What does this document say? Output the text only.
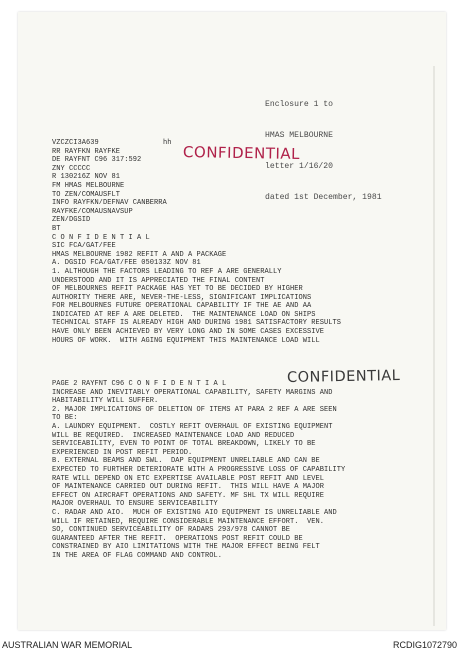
Enclosure 1 to

HMAS MELBOURNE

letter 1/16/20

dated 1st December, 1981

hh CONFIDENTIAL
VZCZCI3A639
RR RAYFKN RAYFKE
DE RAYFNT C96 317:592
ZNY CCCCC
R 130216Z NOV 81
FM HMAS MELBOURNE
TO ZEN/COMAUSFLT
INFO RAYFKN/DEFNAV CANBERRA
RAYFKE/COMAUSNAVSUP
ZEN/DGSID
BT
C O N F I D E N T I A L
SIC FCA/GAT/FEE
HMAS MELBOURNE 1982 REFIT A AND A PACKAGE
A. DGSID FCA/GAT/FEE 050133Z NOV 81
1. ALTHOUGH THE FACTORS LEADING TO REF A ARE GENERALLY
UNDERSTOOD AND IT IS APPRECIATED THE FINAL CONTENT
OF MELBOURNES REFIT PACKAGE HAS YET TO BE DECIDED BY HIGHER
AUTHORITY THERE ARE, NEVER-THE-LESS, SIGNIFICANT IMPLICATIONS
FOR MELBOURNES FUTURE OPERATIONAL CAPABILITY IF THE AE AND AA
INDICATED AT REF A ARE DELETED.  THE MAINTENANCE LOAD ON SHIPS
TECHNICAL STAFF IS ALREADY HIGH AND DURING 1981 SATISFACTORY RESULTS
HAVE ONLY BEEN ACHIEVED BY VERY LONG AND IN SOME CASES EXCESSIVE
HOURS OF WORK.  WITH AGING EQUIPMENT THIS MAINTENANCE LOAD WILL
CONFIDENTIAL
PAGE 2 RAYFNT C96 C O N F I D E N T I A L
INCREASE AND INEVITABLY OPERATIONAL CAPABILITY, SAFETY MARGINS AND
HABITABILITY WILL SUFFER.
2. MAJOR IMPLICATIONS OF DELETION OF ITEMS AT PARA 2 REF A ARE SEEN
TO BE:
A. LAUNDRY EQUIPMENT.  COSTLY REFIT OVERHAUL OF EXISTING EQUIPMENT
WILL BE REQUIRED.  INCREASED MAINTENANCE LOAD AND REDUCED
SERVICEABILITY, EVEN TO POINT OF TOTAL BREAKDOWN, LIKELY TO BE
EXPERIENCED IN POST REFIT PERIOD.
B. EXTERNAL BEAMS AND SWL.  DAP EQUIPMENT UNRELIABLE AND CAN BE
EXPECTED TO FURTHER DETERIORATE WITH A PROGRESSIVE LOSS OF CAPABILITY
RATE WILL DEPEND ON ETC EXPERTISE AVAILABLE POST REFIT AND LEVEL
OF MAINTENANCE CARRIED OUT DURING REFIT.  THIS WILL HAVE A MAJOR
EFFECT ON AIRCRAFT OPERATIONS AND SAFETY. MF SHL TX WILL REQUIRE
MAJOR OVERHAUL TO ENSURE SERVICEABILITY
C. RADAR AND AIO.  MUCH OF EXISTING AIO EQUIPMENT IS UNRELIABLE AND
WILL IF RETAINED, REQUIRE CONSIDERABLE MAINTENANCE EFFORT.  VEN.
SO, CONTINUED SERVICEABILITY OF RADARS 293/978 CANNOT BE
GUARANTEED AFTER THE REFIT.  OPERATIONS POST REFIT COULD BE
CONSTRAINED BY AIO LIMITATIONS WITH THE MAJOR EFFECT BEING FELT
IN THE AREA OF FLAG COMMAND AND CONTROL.
AUSTRALIAN WAR MEMORIAL	RCDIG1072790
